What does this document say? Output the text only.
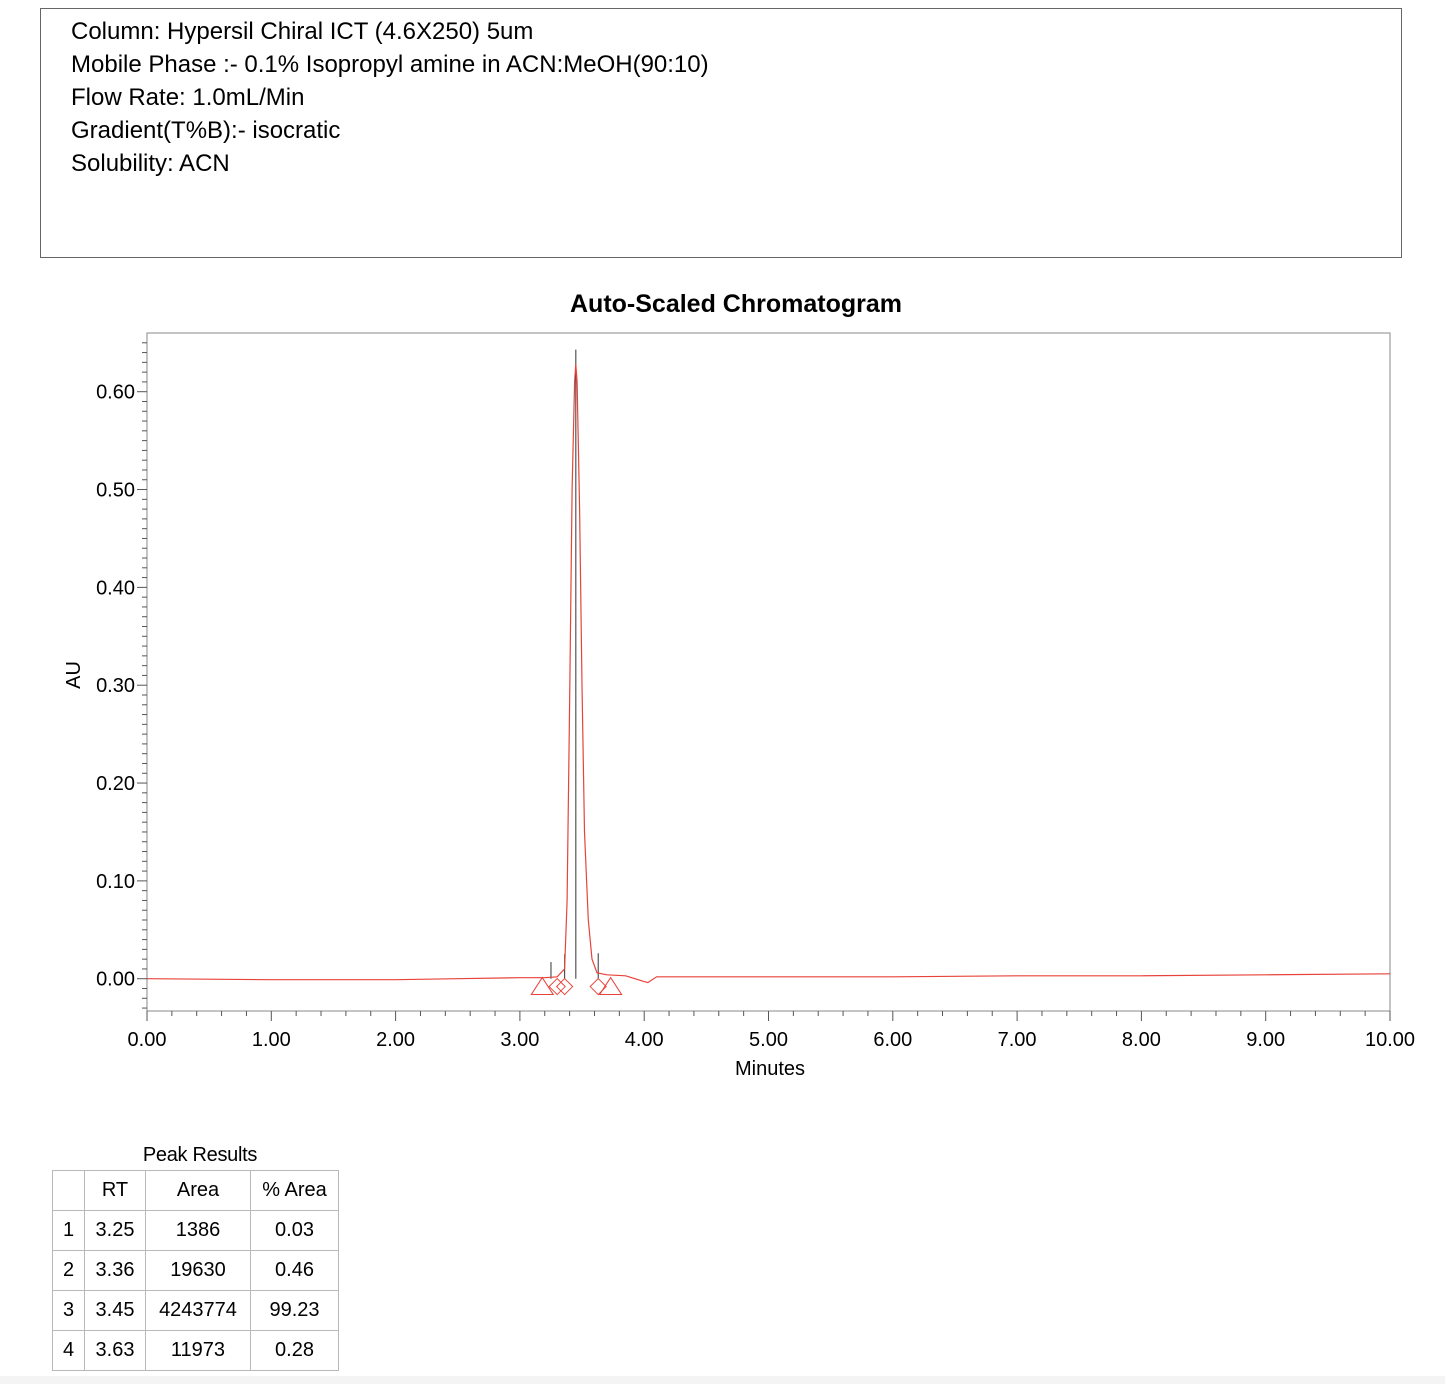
Column: Hypersil Chiral ICT (4.6X250) 5um
Mobile Phase :- 0.1% Isopropyl amine in ACN:MeOH(90:10)
Flow Rate: 1.0mL/Min
Gradient(T%B):- isocratic
Solubility: ACN
Auto-Scaled Chromatogram
0.00	1.00	2.00	3.00	4.00	5.00	6.00	7.00	8.00	9.00	10.00
0.00
0.10
0.20
0.30
0.40
0.50
0.60
Minutes
AU
Peak Results
	RT	Area	% Area
1	3.25	1386	0.03
2	3.36	19630	0.46
3	3.45	4243774	99.23
4	3.63	11973	0.28
